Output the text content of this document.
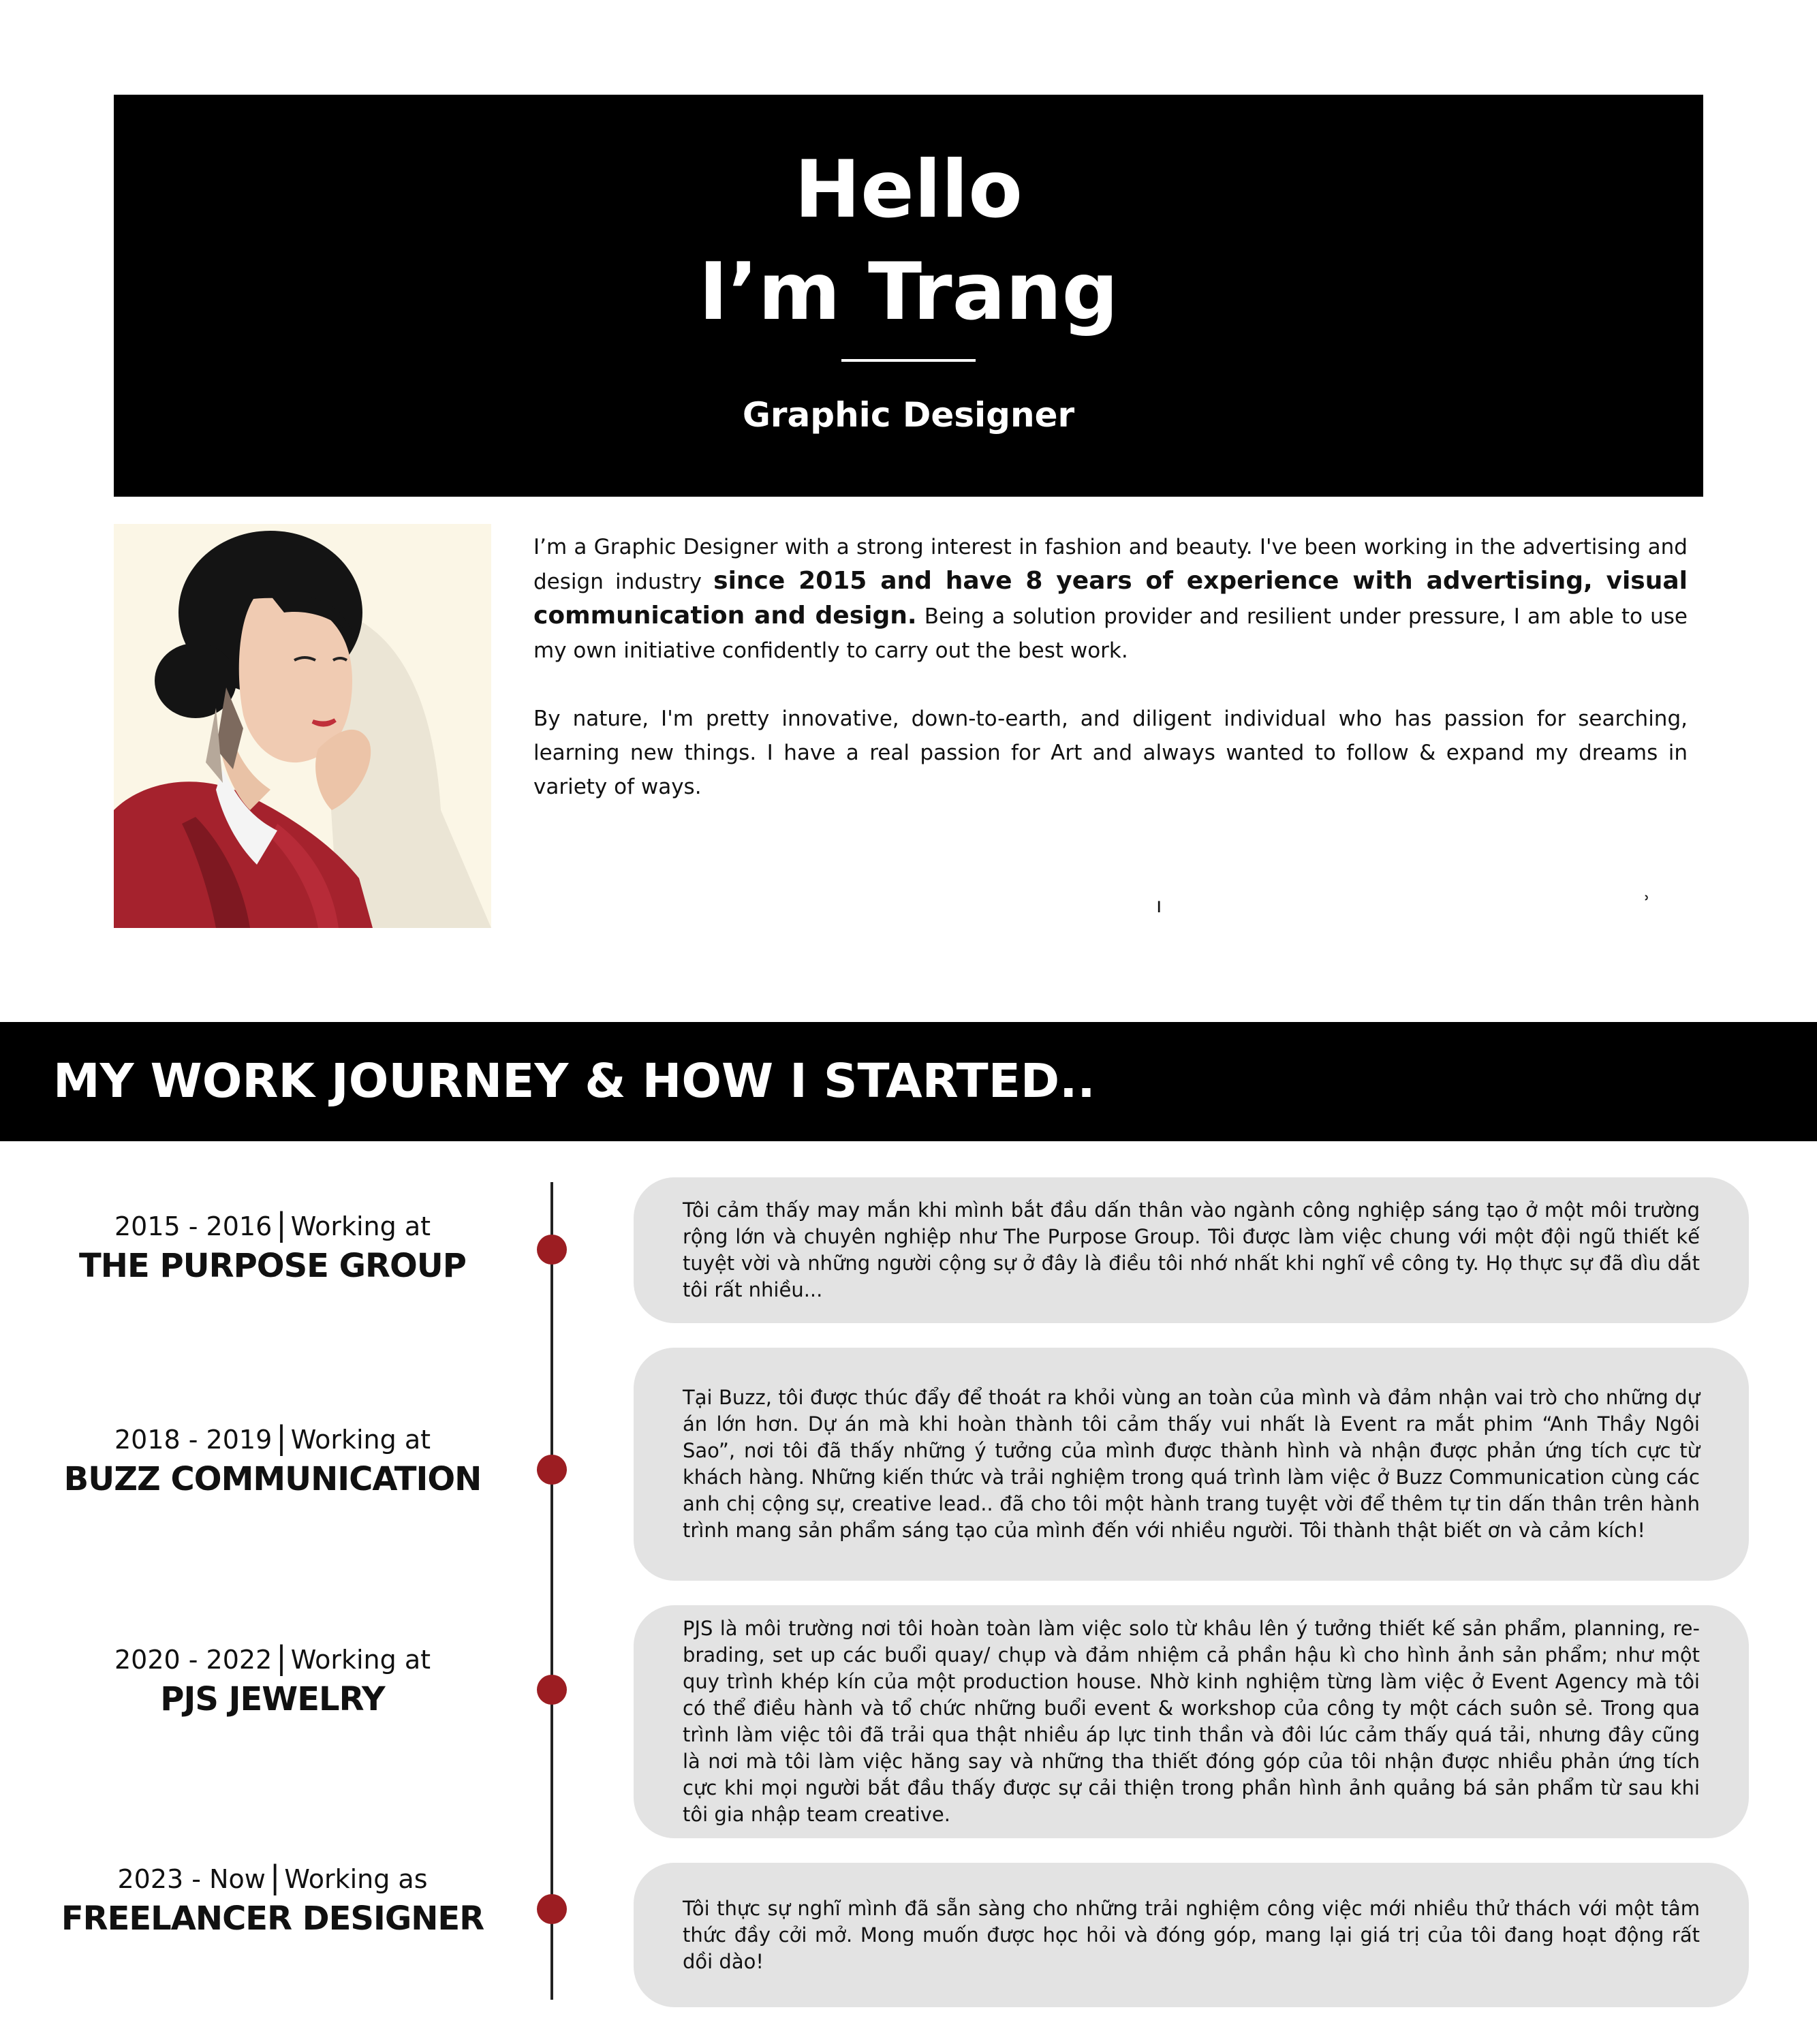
Hello
I’m Trang
Graphic Designer

I’m a Graphic Designer with a strong interest in fashion and beauty. I've been working in the advertising and design industry since 2015 and have 8 years of experience with advertising, visual communication and design. Being a solution provider and resilient under pressure, I am able to use my own initiative confidently to carry out the best work.

By nature, I'm pretty innovative, down-to-earth, and diligent individual who has passion for searching, learning new things. I have a real passion for Art and always wanted to follow & expand my dreams in variety of ways.

ı	˒
MY WORK JOURNEY & HOW I STARTED..
2015 - 2016 | Working at
THE PURPOSE GROUP
Tôi cảm thấy may mắn khi mình bắt đầu dấn thân vào ngành công nghiệp sáng tạo ở một môi trường rộng lớn và chuyên nghiệp như The Purpose Group. Tôi được làm việc chung với một đội ngũ thiết kế tuyệt vời và những người cộng sự ở đây là điều tôi nhớ nhất khi nghĩ về công ty. Họ thực sự đã dìu dắt tôi rất nhiều...
2018 - 2019 | Working at
BUZZ COMMUNICATION
Tại Buzz, tôi được thúc đẩy để thoát ra khỏi vùng an toàn của mình và đảm nhận vai trò cho những dự án lớn hơn. Dự án mà khi hoàn thành tôi cảm thấy vui nhất là Event ra mắt phim “Anh Thầy Ngôi Sao”, nơi tôi đã thấy những ý tưởng của mình được thành hình và nhận được phản ứng tích cực từ khách hàng. Những kiến thức và trải nghiệm trong quá trình làm việc ở Buzz Communication cùng các anh chị cộng sự, creative lead.. đã cho tôi một hành trang tuyệt vời để thêm tự tin dấn thân trên hành trình mang sản phẩm sáng tạo của mình đến với nhiều người. Tôi thành thật biết ơn và cảm kích!
2020 - 2022 | Working at
PJS JEWELRY
PJS là môi trường nơi tôi hoàn toàn làm việc solo từ khâu lên ý tưởng thiết kế sản phẩm, planning, re-brading, set up các buổi quay/ chụp và đảm nhiệm cả phần hậu kì cho hình ảnh sản phẩm; như một quy trình khép kín của một production house. Nhờ kinh nghiệm từng làm việc ở Event Agency mà tôi có thể điều hành và tổ chức những buổi event & workshop của công ty một cách suôn sẻ. Trong qua trình làm việc tôi đã trải qua thật nhiều áp lực tinh thần và đôi lúc cảm thấy quá tải, nhưng đây cũng là nơi mà tôi làm việc hăng say và những tha thiết đóng góp của tôi nhận được nhiều phản ứng tích cực khi mọi người bắt đầu thấy được sự cải thiện trong phần hình ảnh quảng bá sản phẩm từ sau khi tôi gia nhập team creative.
2023 - Now | Working as
FREELANCER DESIGNER	Tôi thực sự nghĩ mình đã sẵn sàng cho những trải nghiệm công việc mới nhiều thử thách với một tâm thức đầy cởi mở. Mong muốn được học hỏi và đóng góp, mang lại giá trị của tôi đang hoạt động rất dồi dào!
